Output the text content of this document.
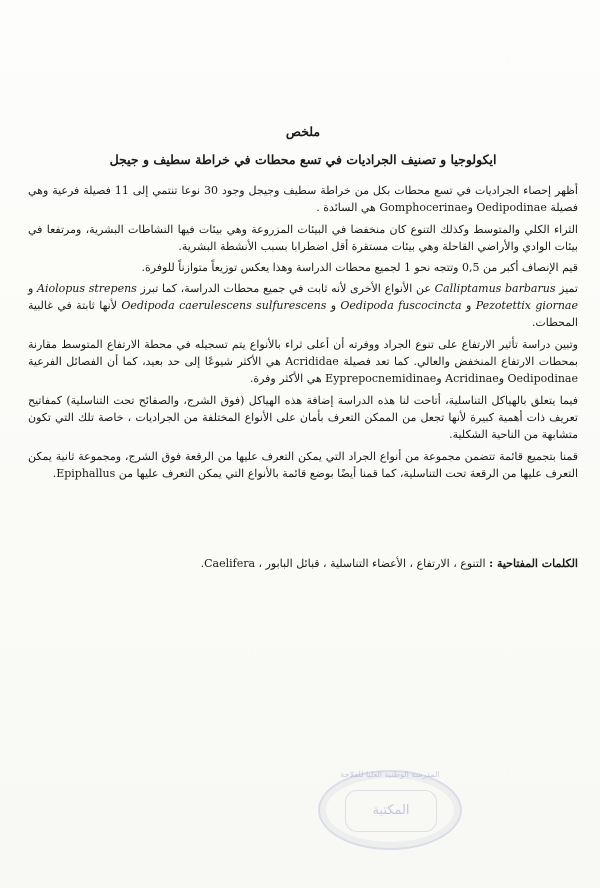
ملخص
ايكولوجيا و تصنيف الجراديات في تسع محطات في خراطة سطيف و جيجل

أظهر إحصاء الجراديات في تسع محطات بكل من خراطة سطيف وجيجل وجود 30 نوعا تنتمي إلى 11 فصيلة فرعية وهي فصيلة Oedipodinae وGomphocerinae هي السائدة .

الثراء الكلي والمتوسط وكذلك التنوع كان منخفضا في البيئات المزروعة وهي بيئات فيها النشاطات البشرية، ومرتفعا في بيئات الوادي والأراضي القاحلة وهي بيئات مستقرة أقل اضطرابا بسبب الأنشطة البشرية.

قيم الإنصاف أكبر من 0,5 وتتجه نحو 1 لجميع محطات الدراسة وهذا يعكس توزيعاً متوازناً للوفرة.

تميز Calliptamus barbarus عن الأنواع الأخرى لأنه ثابت في جميع محطات الدراسة، كما تبرز Aiolopus strepens و Pezotettix giornae و Oedipoda fuscocincta و Oedipoda caerulescens sulfurescens لأنها ثابتة في غالبية المحطات.

وتبين دراسة تأثير الارتفاع على تنوع الجراد ووفرته أن أعلى ثراء بالأنواع يتم تسجيله في محطة الارتفاع المتوسط مقارنة بمحطات الارتفاع المنخفض والعالي. كما تعد فصيلة Acrididae هي الأكثر شيوعًا إلى حد بعيد، كما أن الفصائل الفرعية Oedipodinae وAcridinae وEyprepocnemidinae هي الأكثر وفرة.

فيما يتعلق بالهياكل التناسلية، أتاحت لنا هذه الدراسة إضافة هذه الهياكل (فوق الشرج، والصفائح تحت التناسلية) كمفاتيح تعريف ذات أهمية كبيرة لأنها تجعل من الممكن التعرف بأمان على الأنواع المختلفة من الجراديات ، خاصة تلك التي تكون متشابهة من الناحية الشكلية.

قمنا بتجميع قائمة تتضمن مجموعة من أنواع الجراد التي يمكن التعرف عليها من الرقعة فوق الشرج، ومجموعة ثانية يمكن التعرف عليها من الرقعة تحت التناسلية، كما قمنا أيضًا بوضع قائمة بالأنواع التي يمكن التعرف عليها من Epiphallus.

الكلمات المفتاحية : التنوع ، الارتفاع ، الأعضاء التناسلية ، قبائل البابور ، Caelifera.
المدرسة الوطنية العليا للفلاحة
المكتبة
